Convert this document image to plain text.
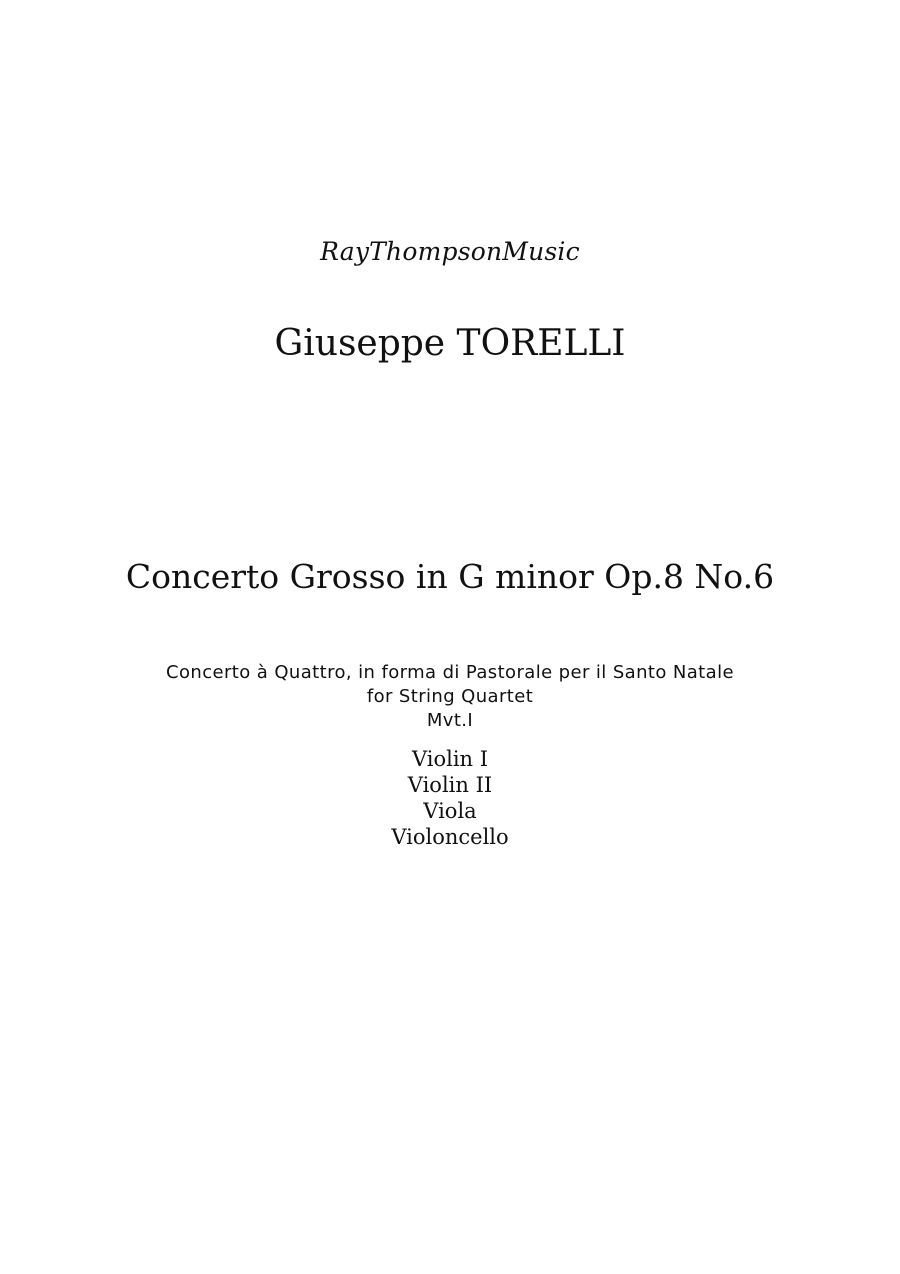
RayThompsonMusic

Giuseppe TORELLI

Concerto Grosso in G minor Op.8 No.6

Concerto à Quattro, in forma di Pastorale per il Santo Natale

for String Quartet

Mvt.I

Violin I

Violin II

Viola

Violoncello
